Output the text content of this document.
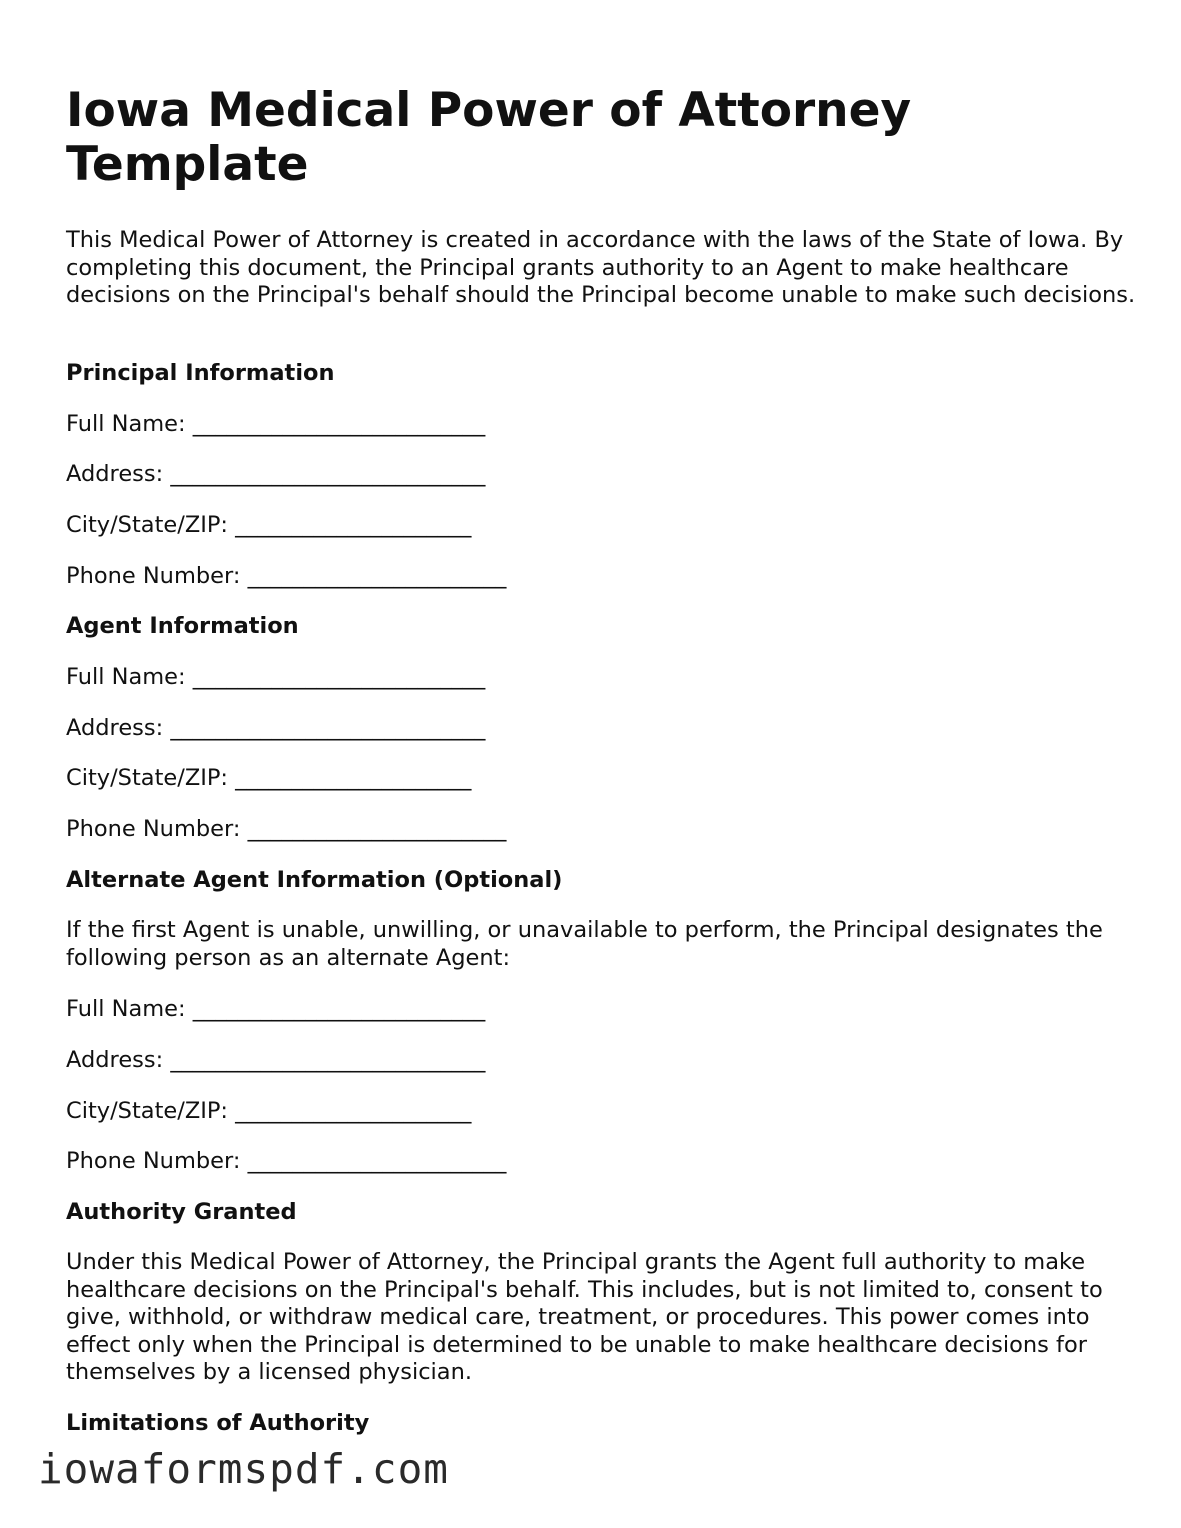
Iowa Medical Power of Attorney Template

This Medical Power of Attorney is created in accordance with the laws of the State of Iowa. By completing this document, the Principal grants authority to an Agent to make healthcare decisions on the Principal's behalf should the Principal become unable to make such decisions.

Principal Information

Full Name: __________________________

Address: ____________________________

City/State/ZIP: _____________________

Phone Number: _______________________

Agent Information

Full Name: __________________________

Address: ____________________________

City/State/ZIP: _____________________

Phone Number: _______________________

Alternate Agent Information (Optional)

If the first Agent is unable, unwilling, or unavailable to perform, the Principal designates the following person as an alternate Agent:

Full Name: __________________________

Address: ____________________________

City/State/ZIP: _____________________

Phone Number: _______________________

Authority Granted

Under this Medical Power of Attorney, the Principal grants the Agent full authority to make healthcare decisions on the Principal's behalf. This includes, but is not limited to, consent to give, withhold, or withdraw medical care, treatment, or procedures. This power comes into effect only when the Principal is determined to be unable to make healthcare decisions for themselves by a licensed physician.

Limitations of Authority
iowaformspdf.com
